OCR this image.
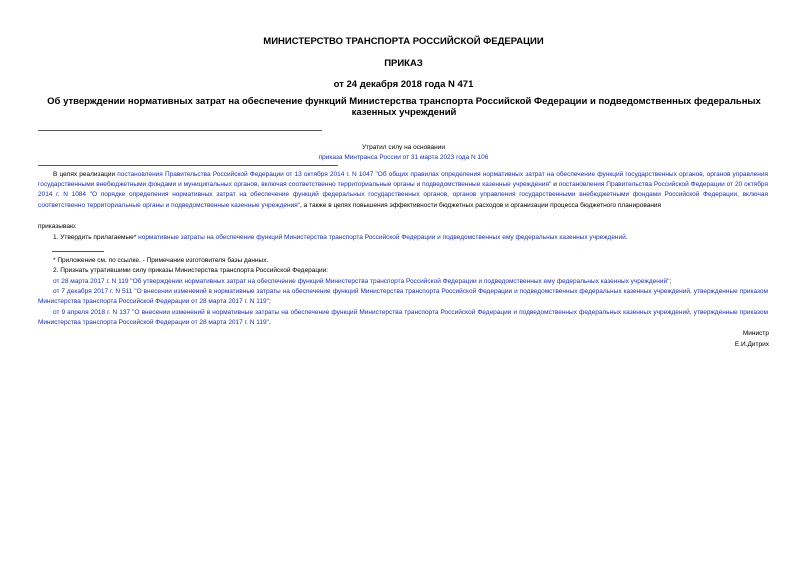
МИНИСТЕРСТВО ТРАНСПОРТА РОССИЙСКОЙ ФЕДЕРАЦИИ
ПРИКАЗ
от 24 декабря 2018 года N 471
Об утверждении нормативных затрат на обеспечение функций Министерства транспорта Российской Федерации и подведомственных федеральных казенных учреждений
Утратил силу на основании
приказа Минтранса России от 31 марта 2023 года N 106
В целях реализации постановления Правительства Российской Федерации от 13 октября 2014 г. N 1047 "Об общих правилах определения нормативных затрат на обеспечение функций государственных органов, органов управления государственными внебюджетными фондами и муниципальных органов, включая соответственно территориальные органы и подведомственные казенные учреждения" и постановления Правительства Российской Федерации от 20 октября 2014 г. N 1084 "О порядке определения нормативных затрат на обеспечение функций федеральных государственных органов, органов управления государственными внебюджетными фондами Российской Федерации, включая соответственно территориальные органы и подведомственные казенные учреждения", а также в целях повышения эффективности бюджетных расходов и организации процесса бюджетного планирования
приказываю:
1. Утвердить прилагаемые* нормативные затраты на обеспечение функций Министерства транспорта Российской Федерации и подведомственных ему федеральных казенных учреждений.
* Приложение см. по ссылке. - Примечание изготовителя базы данных.
2. Признать утратившими силу приказы Министерства транспорта Российской Федерации:
от 28 марта 2017 г. N 119 "Об утверждении нормативных затрат на обеспечение функций Министерства транспорта Российской Федерации и подведомственных ему федеральных казенных учреждений";
от 7 декабря 2017 г. N 511 "О внесении изменений в нормативные затраты на обеспечение функций Министерства транспорта Российской Федерации и подведомственных федеральных казенных учреждений, утвержденные приказом Министерства транспорта Российской Федерации от 28 марта 2017 г. N 119";
от 9 апреля 2018 г. N 137 "О внесении изменений в нормативные затраты на обеспечение функций Министерства транспорта Российской Федерации и подведомственных федеральных казенных учреждений, утвержденные приказом Министерства транспорта Российской Федерации от 28 марта 2017 г. N 119".
Министр
Е.И.Дитрих
